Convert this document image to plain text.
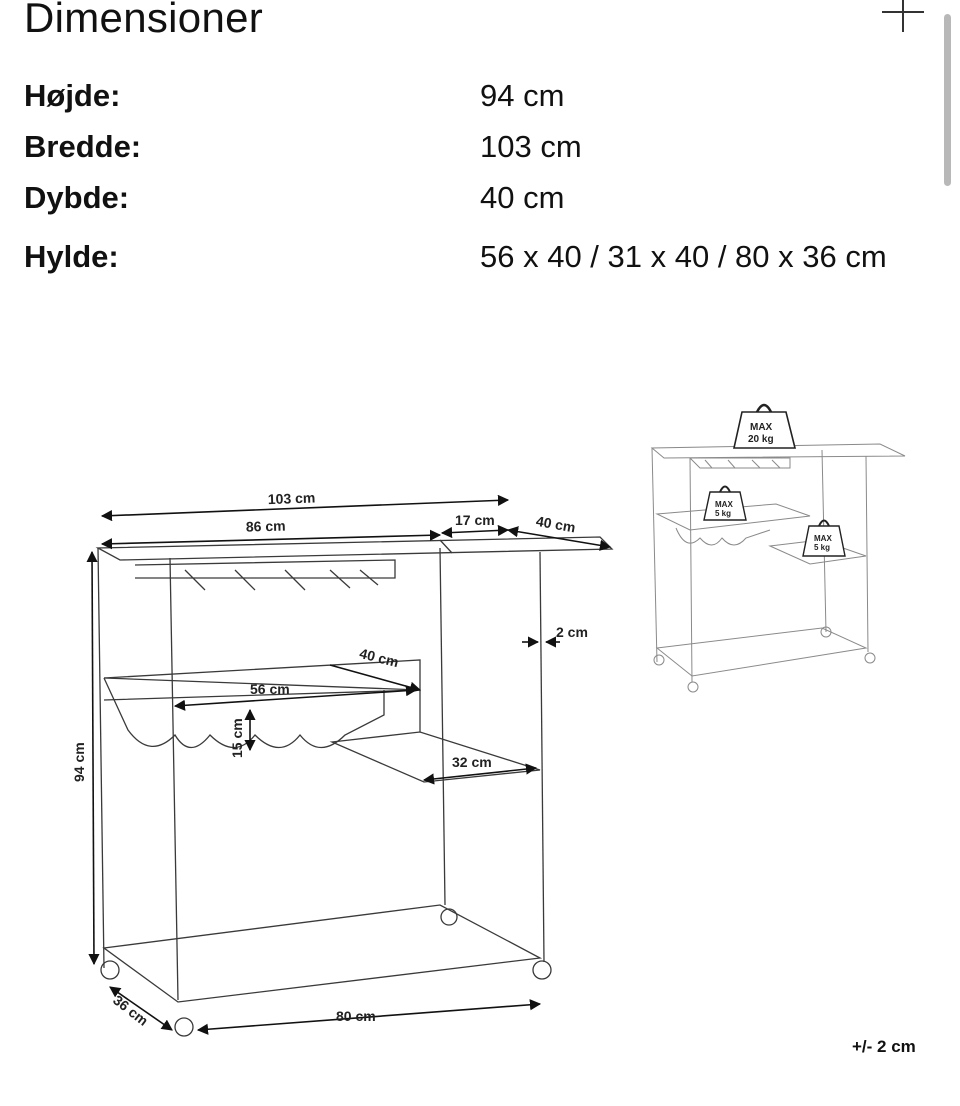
Dimensioner
Højde:	94 cm
Bredde:	103 cm
Dybde:	40 cm
Hylde:	56 x 40 / 31 x 40 / 80 x 36 cm
103 cm
86 cm	17 cm	40 cm
2 cm
40 cm
56 cm
15 cm
32 cm
94 cm
36 cm	80 cm
MAX
20 kg
MAX
5 kg
MAX
5 kg
+/- 2 cm
